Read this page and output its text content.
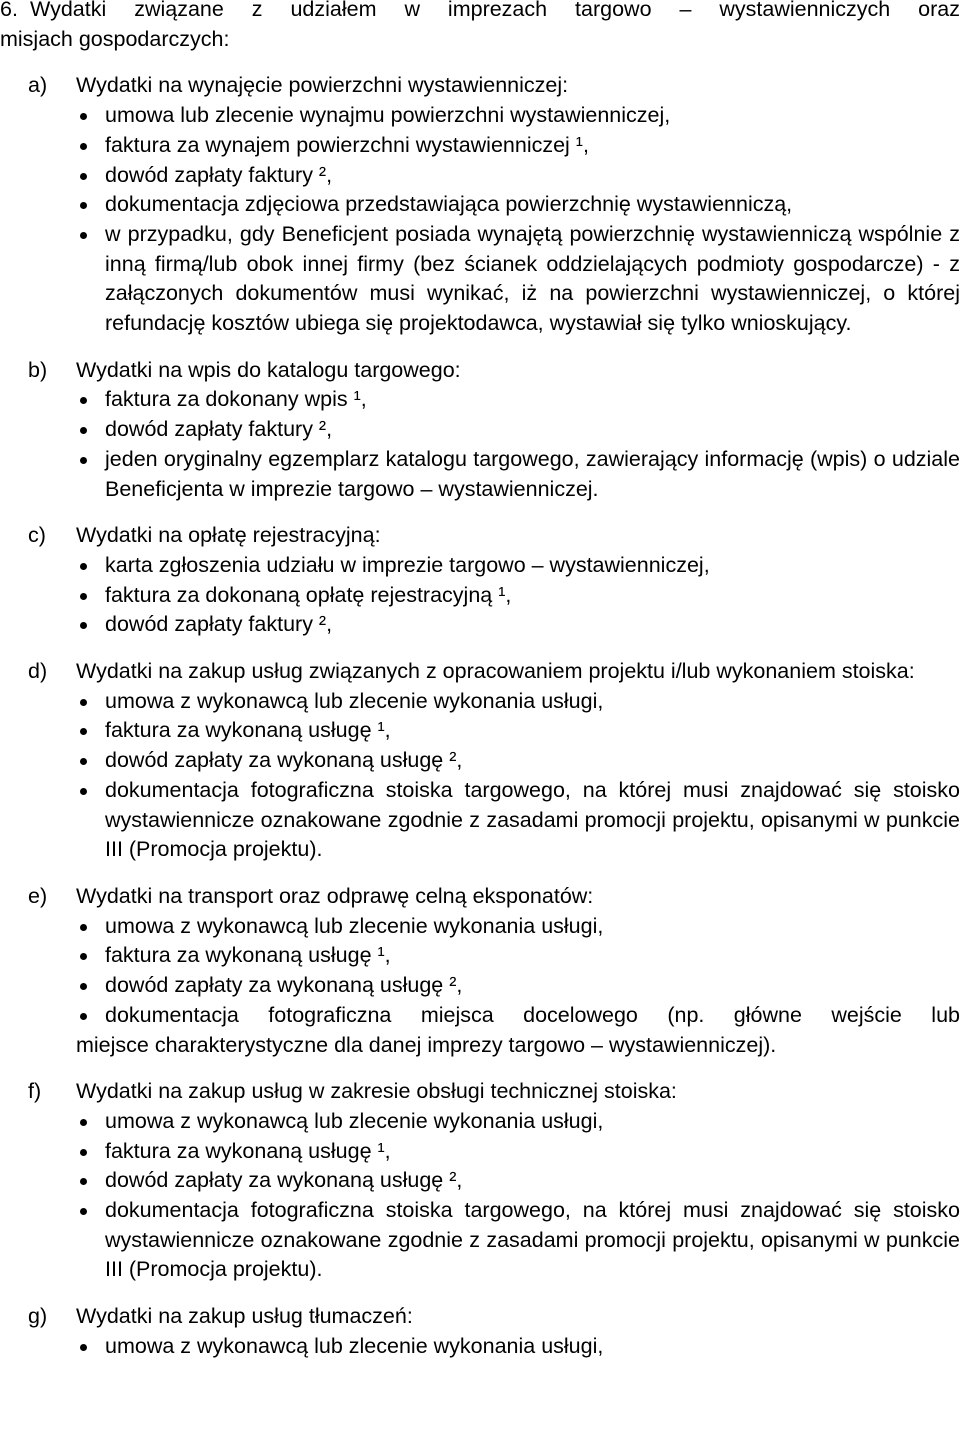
6. Wydatki związane z udziałem w imprezach targowo – wystawienniczych oraz
misjach gospodarczych:
a) Wydatki na wynajęcie powierzchni wystawienniczej:
umowa lub zlecenie wynajmu powierzchni wystawienniczej,
faktura za wynajem powierzchni wystawienniczej ¹,
dowód zapłaty faktury ²,
dokumentacja zdjęciowa przedstawiająca powierzchnię wystawienniczą,
w przypadku, gdy Beneficjent posiada wynajętą powierzchnię wystawienniczą wspólnie z inną firmą/lub obok innej firmy (bez ścianek oddzielających podmioty gospodarcze) - z załączonych dokumentów musi wynikać, iż na powierzchni wystawienniczej, o której refundację kosztów ubiega się projektodawca, wystawiał się tylko wnioskujący.
b) Wydatki na wpis do katalogu targowego:
faktura za dokonany wpis ¹,
dowód zapłaty faktury ²,
jeden oryginalny egzemplarz katalogu targowego, zawierający informację (wpis) o udziale Beneficjenta w imprezie targowo – wystawienniczej.
c) Wydatki na opłatę rejestracyjną:
karta zgłoszenia udziału w imprezie targowo – wystawienniczej,
faktura za dokonaną opłatę rejestracyjną ¹,
dowód zapłaty faktury ²,
d) Wydatki na zakup usług związanych z opracowaniem projektu i/lub wykonaniem stoiska:
umowa z wykonawcą lub zlecenie wykonania usługi,
faktura za wykonaną usługę ¹,
dowód zapłaty za wykonaną usługę ²,
dokumentacja fotograficzna stoiska targowego, na której musi znajdować się stoisko wystawiennicze oznakowane zgodnie z zasadami promocji projektu, opisanymi w punkcie III (Promocja projektu).
e) Wydatki na transport oraz odprawę celną eksponatów:
umowa z wykonawcą lub zlecenie wykonania usługi,
faktura za wykonaną usługę ¹,
dowód zapłaty za wykonaną usługę ²,
dokumentacja fotograficzna miejsca docelowego (np. główne wejście lub
miejsce charakterystyczne dla danej imprezy targowo – wystawienniczej).
f) Wydatki na zakup usług w zakresie obsługi technicznej stoiska:
umowa z wykonawcą lub zlecenie wykonania usługi,
faktura za wykonaną usługę ¹,
dowód zapłaty za wykonaną usługę ²,
dokumentacja fotograficzna stoiska targowego, na której musi znajdować się stoisko wystawiennicze oznakowane zgodnie z zasadami promocji projektu, opisanymi w punkcie III (Promocja projektu).
g) Wydatki na zakup usług tłumaczeń:
umowa z wykonawcą lub zlecenie wykonania usługi,
